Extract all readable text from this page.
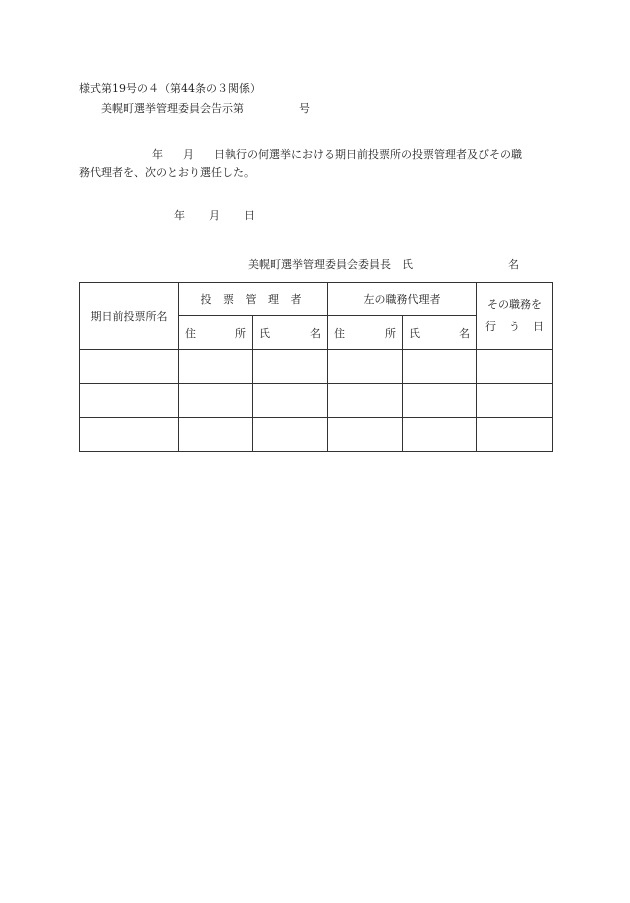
様式第19号の４（第44条の３関係）
美幌町選挙管理委員会告示第	号
年 月 日執行の何選挙における期日前投票所の投票管理者及びその職
務代理者を、次のとおり選任した。
年 月 日
美幌町選挙管理委員会委員長　氏	名
期日前投票所名	投 票 管 理 者		左の職務代理者		その職務を
行 う 日

	住 所	氏 名	住 所	氏 名	
